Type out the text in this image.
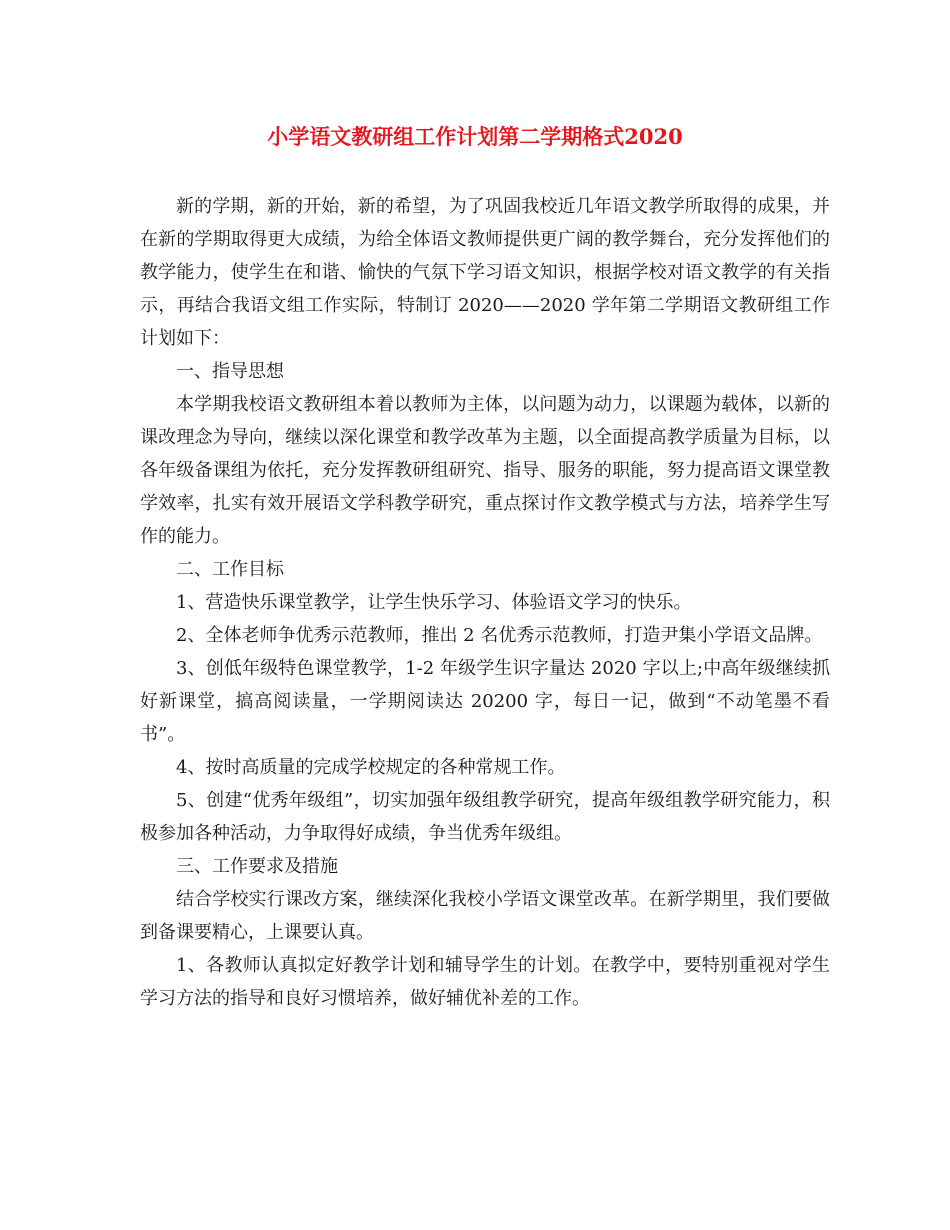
小学语文教研组工作计划第二学期格式2020

新的学期，新的开始，新的希望，为了巩固我校近几年语文教学所取得的成果，并在新的学期取得更大成绩，为给全体语文教师提供更广阔的教学舞台，充分发挥他们的教学能力，使学生在和谐、愉快的气氛下学习语文知识，根据学校对语文教学的有关指示，再结合我语文组工作实际，特制订 2020——2020 学年第二学期语文教研组工作计划如下：

一、指导思想

本学期我校语文教研组本着以教师为主体，以问题为动力，以课题为载体，以新的课改理念为导向，继续以深化课堂和教学改革为主题，以全面提高教学质量为目标，以各年级备课组为依托，充分发挥教研组研究、指导、服务的职能，努力提高语文课堂教学效率，扎实有效开展语文学科教学研究，重点探讨作文教学模式与方法，培养学生写作的能力。

二、工作目标

1、营造快乐课堂教学，让学生快乐学习、体验语文学习的快乐。

2、全体老师争优秀示范教师，推出 2 名优秀示范教师，打造尹集小学语文品牌。

3、创低年级特色课堂教学，1-2 年级学生识字量达 2020 字以上;中高年级继续抓好新课堂，搞高阅读量，一学期阅读达 20200 字，每日一记，做到“不动笔墨不看书”。

4、按时高质量的完成学校规定的各种常规工作。

5、创建“优秀年级组”，切实加强年级组教学研究，提高年级组教学研究能力，积极参加各种活动，力争取得好成绩，争当优秀年级组。

三、工作要求及措施

结合学校实行课改方案，继续深化我校小学语文课堂改革。在新学期里，我们要做到备课要精心，上课要认真。

1、各教师认真拟定好教学计划和辅导学生的计划。在教学中，要特别重视对学生学习方法的指导和良好习惯培养，做好辅优补差的工作。
